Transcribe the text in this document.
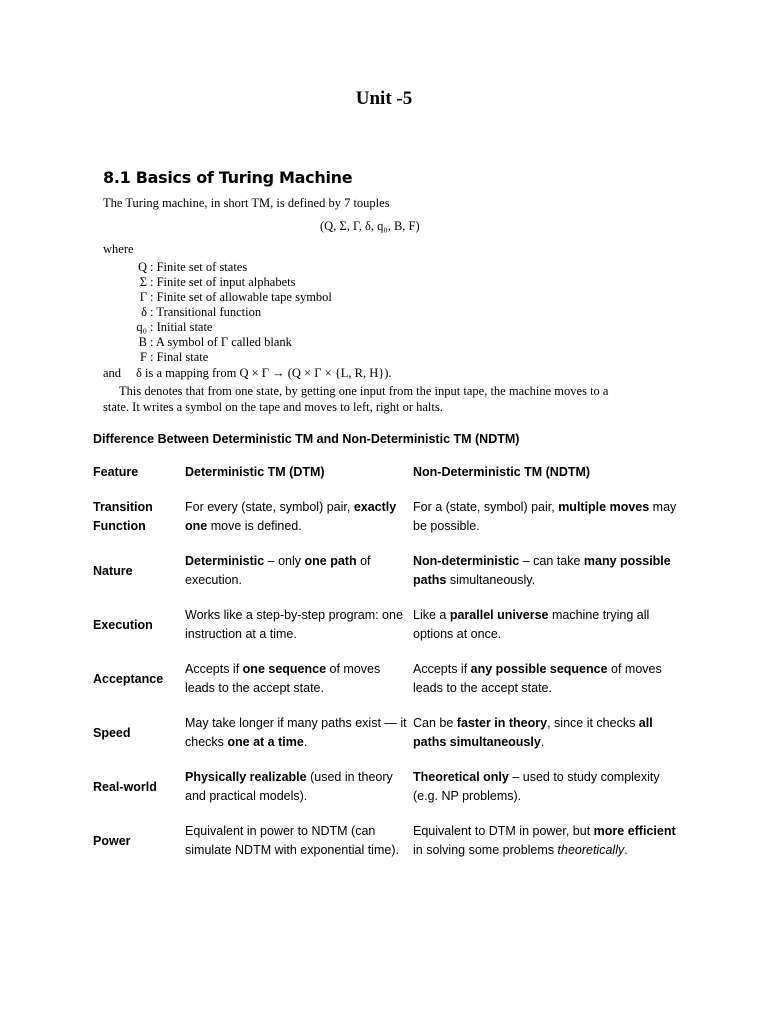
Unit -5
8.1 Basics of Turing Machine
The Turing machine, in short TM, is defined by 7 touples
(Q, Σ, Γ, δ, q₀, B, F)
where
Q : Finite set of states
Σ : Finite set of input alphabets
Γ : Finite set of allowable tape symbol
δ : Transitional function
q₀ : Initial state
B : A symbol of Γ called blank
F : Final state
and δ is a mapping from Q × Γ → (Q × Γ × {L, R, H}).
This denotes that from one state, by getting one input from the input tape, the machine moves to a
state. It writes a symbol on the tape and moves to left, right or halts.
Difference Between Deterministic TM and Non-Deterministic TM (NDTM)
Feature	Deterministic TM (DTM)	Non-Deterministic TM (NDTM)
Transition Function
For every (state, symbol) pair, exactly one move is defined.
For a (state, symbol) pair, multiple moves may be possible.
Nature
Deterministic – only one path of execution.
Non-deterministic – can take many possible paths simultaneously.
Execution
Works like a step-by-step program: one instruction at a time.
Like a parallel universe machine trying all options at once.
Acceptance
Accepts if one sequence of moves leads to the accept state.
Accepts if any possible sequence of moves leads to the accept state.
Speed
May take longer if many paths exist — it checks one at a time.
Can be faster in theory, since it checks all paths simultaneously.
Real-world
Physically realizable (used in theory and practical models).
Theoretical only – used to study complexity (e.g. NP problems).
Power
Equivalent in power to NDTM (can simulate NDTM with exponential time).
Equivalent to DTM in power, but more efficient in solving some problems theoretically.
